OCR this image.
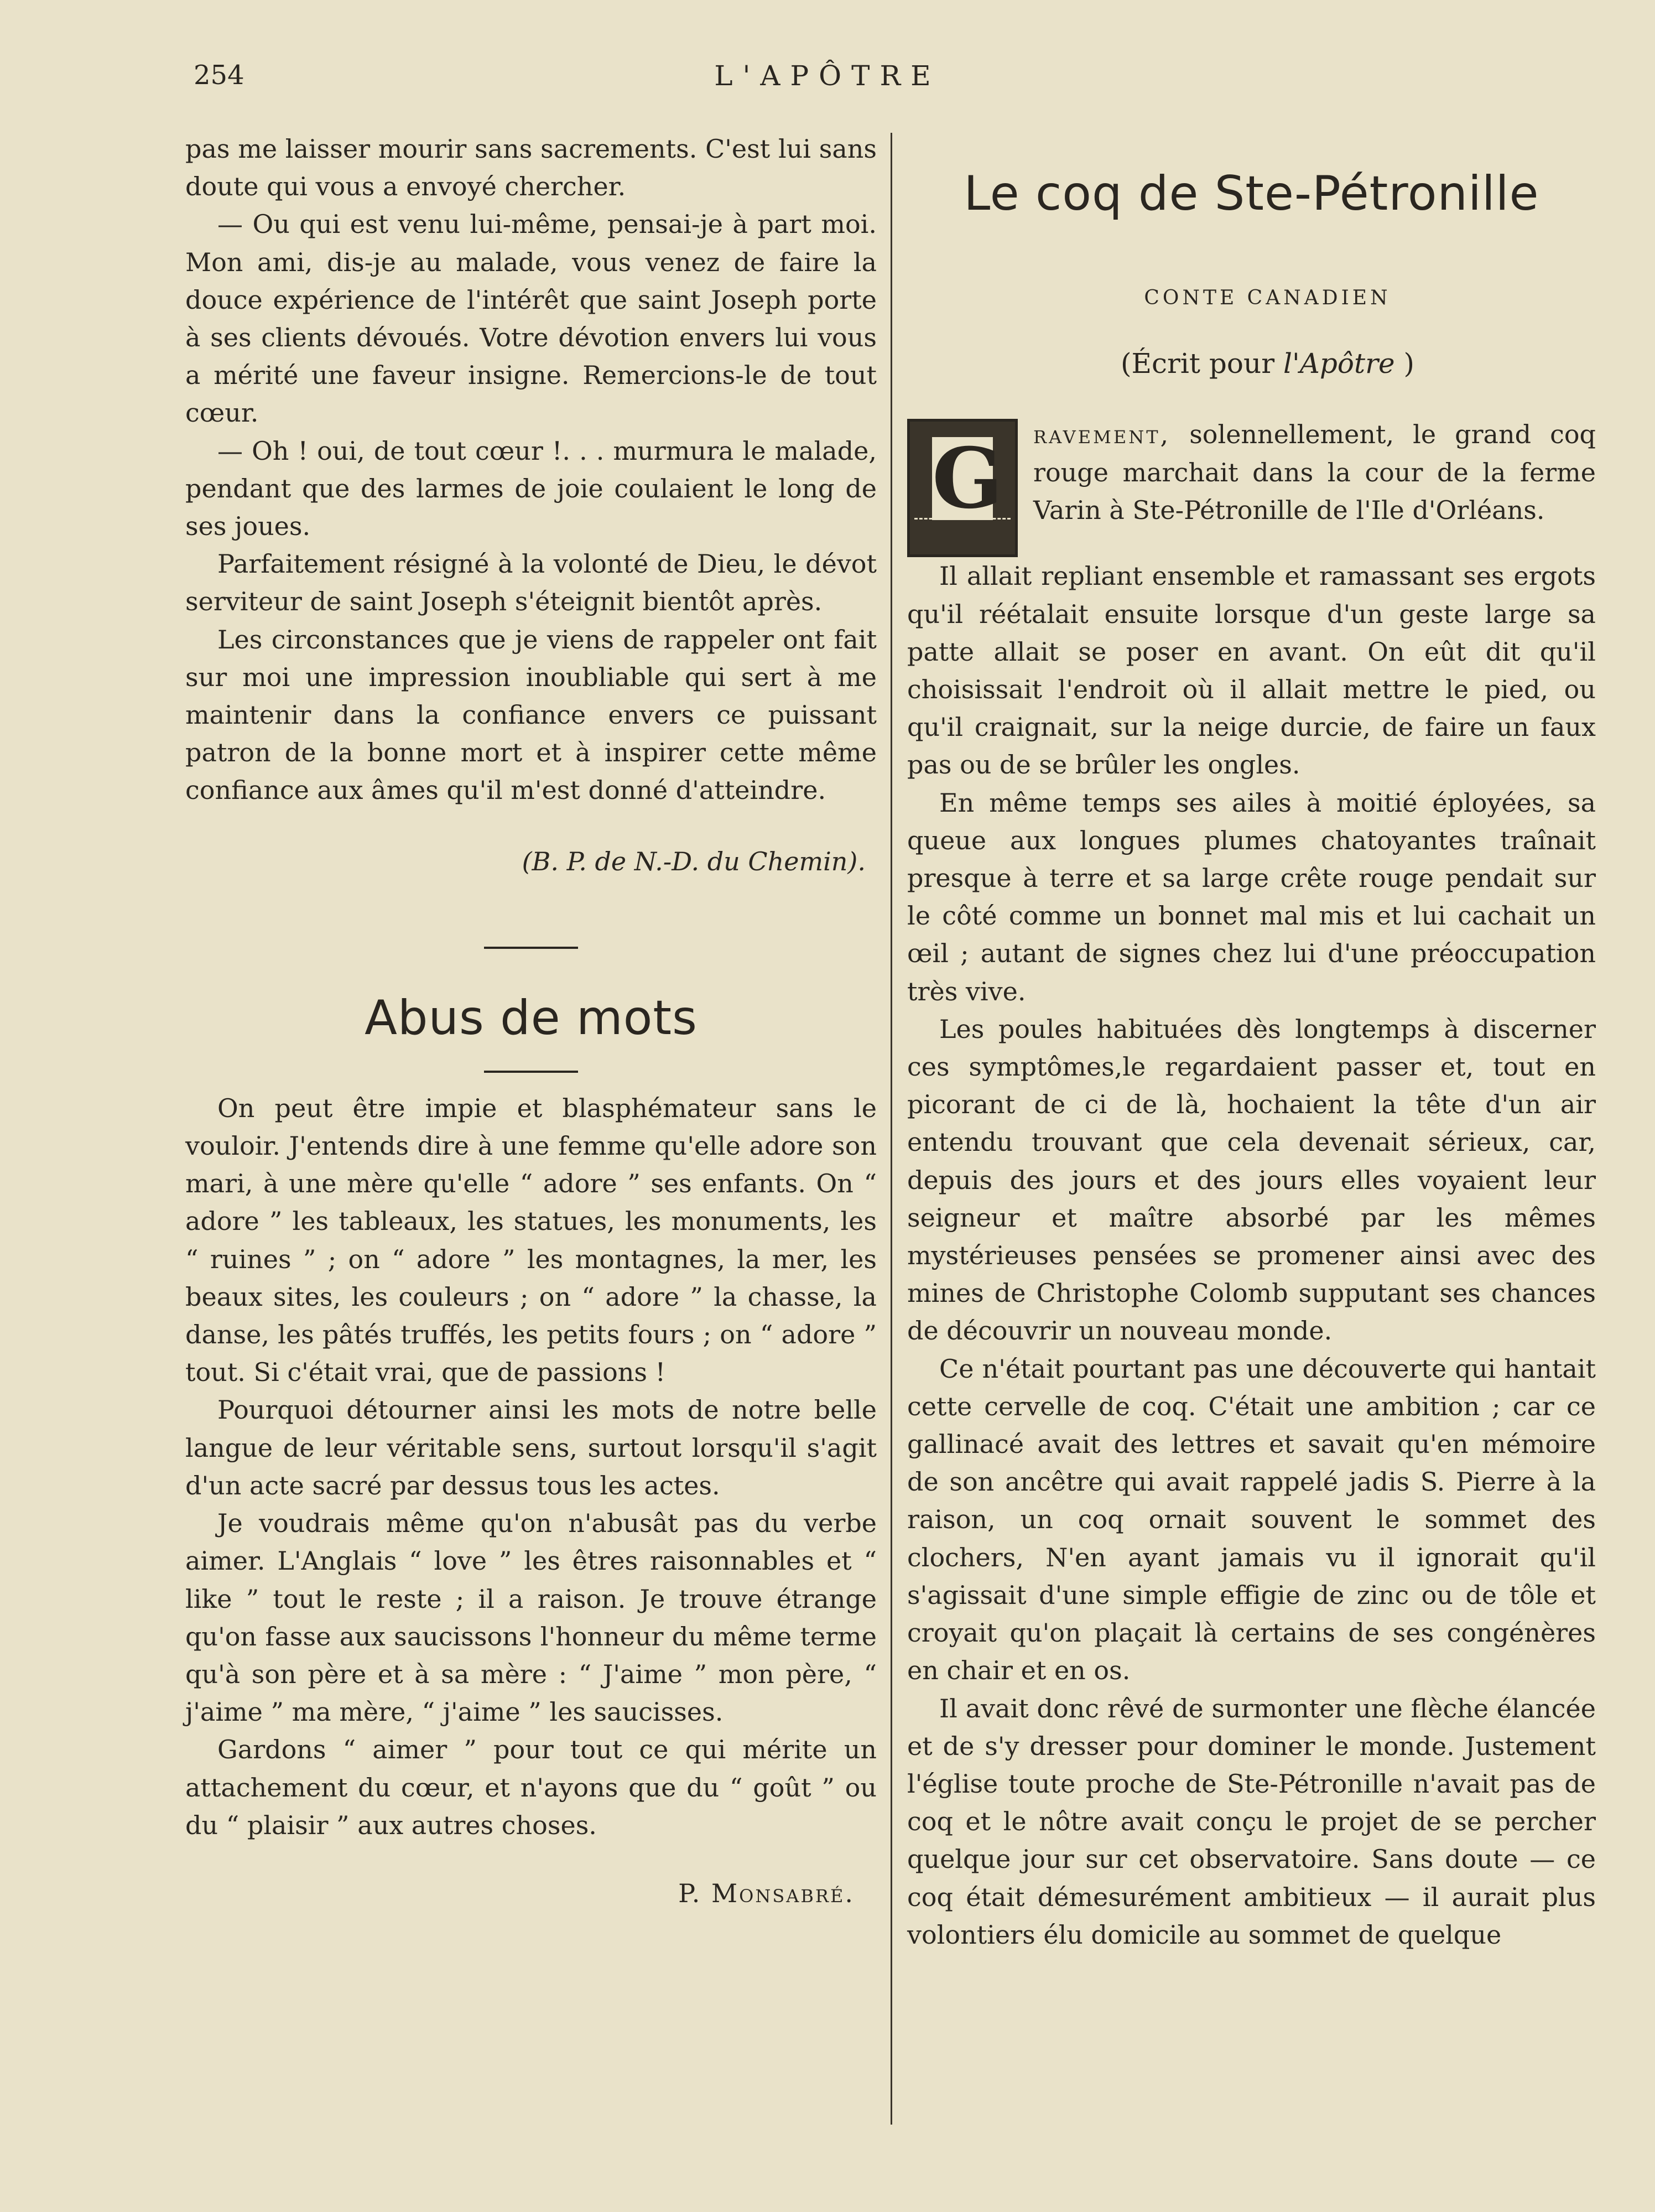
254	L'APÔTRE

pas me laisser mourir sans sacrements. C'est lui sans doute qui vous a envoyé chercher.

— Ou qui est venu lui-même, pensai-je à part moi. Mon ami, dis-je au malade, vous venez de faire la douce expérience de l'intérêt que saint Joseph porte à ses clients dévoués. Votre dévotion envers lui vous a mérité une faveur insigne. Remercions-le de tout cœur.

— Oh ! oui, de tout cœur !. . . murmura le malade, pendant que des larmes de joie coulaient le long de ses joues.

Parfaitement résigné à la volonté de Dieu, le dévot serviteur de saint Joseph s'éteignit bientôt après.

Les circonstances que je viens de rappeler ont fait sur moi une impression inoubliable qui sert à me maintenir dans la confiance envers ce puissant patron de la bonne mort et à inspirer cette même confiance aux âmes qu'il m'est donné d'atteindre.

(B. P. de N.-D. du Chemin).

Abus de mots

On peut être impie et blasphémateur sans le vouloir. J'entends dire à une femme qu'elle adore son mari, à une mère qu'elle “ adore ” ses enfants. On “ adore ” les tableaux, les statues, les monuments, les “ ruines ” ; on “ adore ” les montagnes, la mer, les beaux sites, les couleurs ; on “ adore ” la chasse, la danse, les pâtés truffés, les petits fours ; on “ adore ” tout. Si c'était vrai, que de passions !

Pourquoi détourner ainsi les mots de notre belle langue de leur véritable sens, surtout lorsqu'il s'agit d'un acte sacré par dessus tous les actes.

Je voudrais même qu'on n'abusât pas du verbe aimer. L'Anglais “ love ” les êtres raisonnables et “ like ” tout le reste ; il a raison. Je trouve étrange qu'on fasse aux saucissons l'honneur du même terme qu'à son père et à sa mère : “ J'aime ” mon père, “ j'aime ” ma mère, “ j'aime ” les saucisses.

Gardons “ aimer ” pour tout ce qui mérite un attachement du cœur, et n'ayons que du “ goût ” ou du “ plaisir ” aux autres choses.

P. Monsabré.

Le coq de Ste-Pétronille

CONTE CANADIEN

(Écrit pour l'Apôtre )

G	ravement, solennellement, le grand coq rouge marchait dans la cour de la ferme Varin à Ste-Pétronille de l'Ile d'Orléans.

Il allait repliant ensemble et ramassant ses ergots qu'il réétalait ensuite lorsque d'un geste large sa patte allait se poser en avant. On eût dit qu'il choisissait l'endroit où il allait mettre le pied, ou qu'il craignait, sur la neige durcie, de faire un faux pas ou de se brûler les ongles.

En même temps ses ailes à moitié éployées, sa queue aux longues plumes chatoyantes traînait presque à terre et sa large crête rouge pendait sur le côté comme un bonnet mal mis et lui cachait un œil ; autant de signes chez lui d'une préoccupation très vive.

Les poules habituées dès longtemps à discerner ces symptômes,le regardaient passer et, tout en picorant de ci de là, hochaient la tête d'un air entendu trouvant que cela devenait sérieux, car, depuis des jours et des jours elles voyaient leur seigneur et maître absorbé par les mêmes mystérieuses pensées se promener ainsi avec des mines de Christophe Colomb supputant ses chances de découvrir un nouveau monde.

Ce n'était pourtant pas une découverte qui hantait cette cervelle de coq. C'était une ambition ; car ce gallinacé avait des lettres et savait qu'en mémoire de son ancêtre qui avait rappelé jadis S. Pierre à la raison, un coq ornait souvent le sommet des clochers, N'en ayant jamais vu il ignorait qu'il s'agissait d'une simple effigie de zinc ou de tôle et croyait qu'on plaçait là certains de ses congénères en chair et en os.

Il avait donc rêvé de surmonter une flèche élancée et de s'y dresser pour dominer le monde. Justement l'église toute proche de Ste-Pétronille n'avait pas de coq et le nôtre avait conçu le projet de se percher quelque jour sur cet observatoire. Sans doute — ce coq était démesurément ambitieux — il aurait plus volontiers élu domicile au sommet de quelque
